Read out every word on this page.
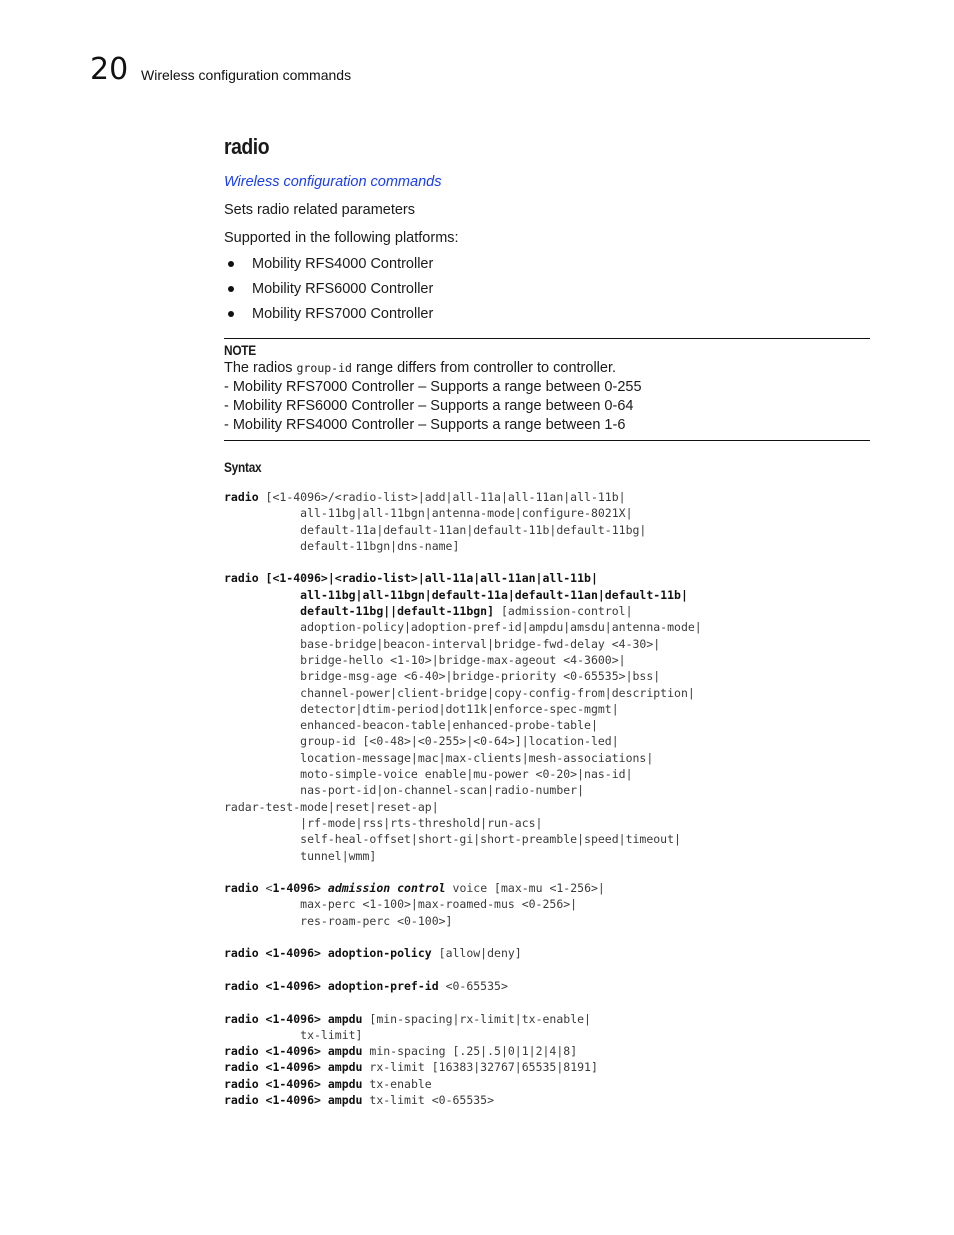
20 Wireless configuration commands
radio
Wireless configuration commands
Sets radio related parameters
Supported in the following platforms:
Mobility RFS4000 Controller
Mobility RFS6000 Controller
Mobility RFS7000 Controller
NOTE
The radios group-id range differs from controller to controller.
- Mobility RFS7000 Controller – Supports a range between 0-255
- Mobility RFS6000 Controller – Supports a range between 0-64
- Mobility RFS4000 Controller – Supports a range between 1-6
Syntax
radio [<1-4096>/<radio-list>|add|all-11a|all-11an|all-11b|
all-11bg|all-11bgn|antenna-mode|configure-8021X|
default-11a|default-11an|default-11b|default-11bg|
default-11bgn|dns-name]
radio [<1-4096>|<radio-list>|all-11a|all-11an|all-11b|
all-11bg|all-11bgn|default-11a|default-11an|default-11b|
default-11bg||default-11bgn] [admission-control|
adoption-policy|adoption-pref-id|ampdu|amsdu|antenna-mode|
base-bridge|beacon-interval|bridge-fwd-delay <4-30>|
bridge-hello <1-10>|bridge-max-ageout <4-3600>|
bridge-msg-age <6-40>|bridge-priority <0-65535>|bss|
channel-power|client-bridge|copy-config-from|description|
detector|dtim-period|dot11k|enforce-spec-mgmt|
enhanced-beacon-table|enhanced-probe-table|
group-id [<0-48>|<0-255>|<0-64>]|location-led|
location-message|mac|max-clients|mesh-associations|
moto-simple-voice enable|mu-power <0-20>|nas-id|
nas-port-id|on-channel-scan|radio-number|
radar-test-mode|reset|reset-ap|
|rf-mode|rss|rts-threshold|run-acs|
self-heal-offset|short-gi|short-preamble|speed|timeout|
tunnel|wmm]
radio <1-4096> admission control voice [max-mu <1-256>|
max-perc <1-100>|max-roamed-mus <0-256>|
res-roam-perc <0-100>]
radio <1-4096> adoption-policy [allow|deny]
radio <1-4096> adoption-pref-id <0-65535>
radio <1-4096> ampdu [min-spacing|rx-limit|tx-enable|
tx-limit]
radio <1-4096> ampdu min-spacing [.25|.5|0|1|2|4|8]
radio <1-4096> ampdu rx-limit [16383|32767|65535|8191]
radio <1-4096> ampdu tx-enable
radio <1-4096> ampdu tx-limit <0-65535>
